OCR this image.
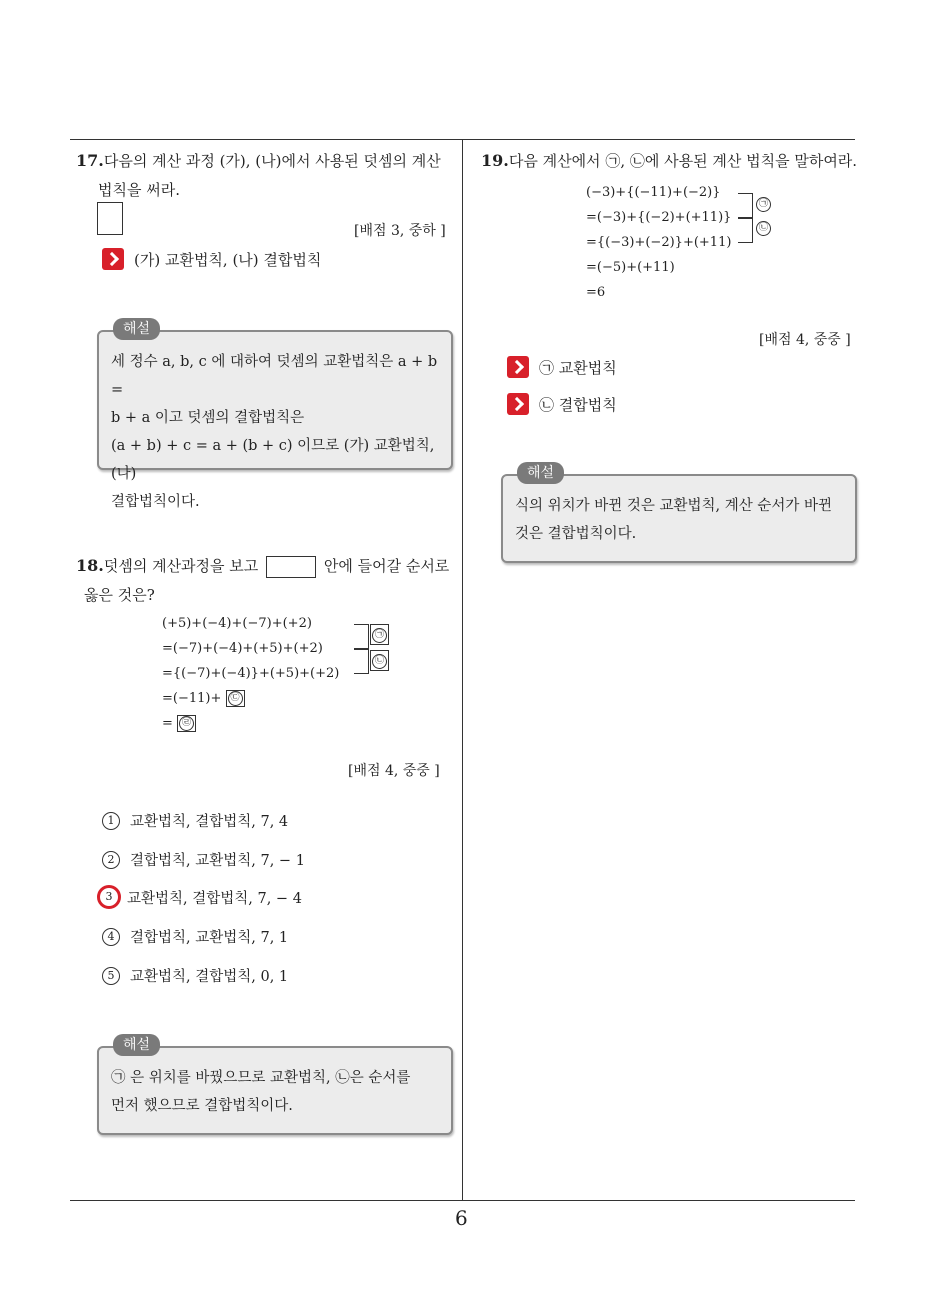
6
17.다음의 계산 과정 (가), (나)에서 사용된 덧셈의 계산
법칙을 써라.
[배점 3, 중하 ]
(가) 교환법칙, (나) 결합법칙
해설
세 정수 a, b, c 에 대하여 덧셈의 교환법칙은 a + b =
b + a 이고 덧셈의 결합법칙은
(a + b) + c = a + (b + c) 이므로 (가) 교환법칙, (나)
결합법칙이다.
18.덧셈의 계산과정을 보고	안에 들어갈 순서로
옳은 것은?
(+5)+(−4)+(−7)+(+2)
=(−7)+(−4)+(+5)+(+2)
={(−7)+(−4)}+(+5)+(+2)
=(−11)+ ㉢
= ㉣
㉠
㉡
[배점 4, 중중 ]
1	교환법칙, 결합법칙, 7, 4
2	결합법칙, 교환법칙, 7, − 1
3	교환법칙, 결합법칙, 7, − 4
4	결합법칙, 교환법칙, 7, 1
5	교환법칙, 결합법칙, 0, 1
해설
㉠ 은 위치를 바꿨으므로 교환법칙, ㉡은 순서를
먼저 했으므로 결합법칙이다.
19.다음 계산에서 ㉠, ㉡에 사용된 계산 법칙을 말하여라.
(−3)+{(−11)+(−2)}
=(−3)+{(−2)+(+11)}
={(−3)+(−2)}+(+11)
=(−5)+(+11)
=6
㉠
㉡
[배점 4, 중중 ]
㉠ 교환법칙
㉡ 결합법칙
해설
식의 위치가 바뀐 것은 교환법칙, 계산 순서가 바뀐
것은 결합법칙이다.
